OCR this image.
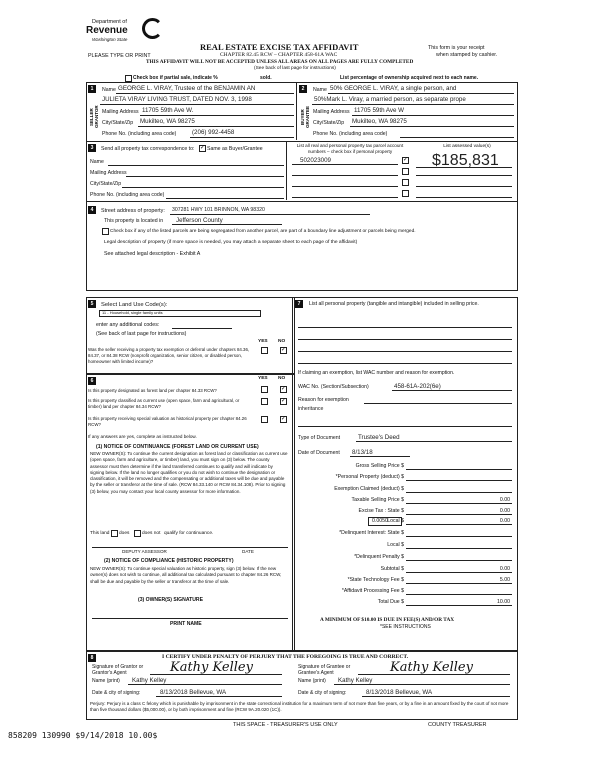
Department of
Revenue
Washington State
REAL ESTATE EXCISE TAX AFFIDAVIT
CHAPTER 82.45 RCW – CHAPTER 458-61A WAC
THIS AFFIDAVIT WILL NOT BE ACCEPTED UNLESS ALL AREAS ON ALL PAGES ARE FULLY COMPLETED
(See back of last page for instructions)
This form is your receipt
when stamped by cashier.
PLEASE TYPE OR PRINT
Check box if partial sale, indicate %	sold.	List percentage of ownership acquired next to each name.
1
SELLER GRANTOR
Name GEORGE L. VIRAY, Trustee of the BENJAMIN AN
JULIETA VIRAY LIVING TRUST, DATED NOV. 3, 1998
Mailing Address 11705 59th Ave W.
City/State/Zip Mukilteo, WA 98275
Phone No. (including area code)	(206) 992-4458
2
BUYER GRANTEE
Name 50% GEORGE L. VIRAY, a single person, and
50%Mark L. Viray, a married person, as separate prope
Mailing Address 11705 59th Ave W
City/State/Zip Mukilteo, WA 98275
Phone No. (including area code)
3	Send all property tax correspondence to: ✓ Same as Buyer/Grantee
Name
Mailing Address
City/State/Zip
Phone No. (including area code)
List all real and personal property tax parcel account numbers – check box if personal property
List assessed value(s)
502023009 ✓	$185,831
4	Street address of property: 307281 HWY 101 BRINNON, WA 98320
This property is located in Jefferson County
Check box if any of the listed parcels are being segregated from another parcel, are part of a boundary line adjustment or parcels being merged.
Legal description of property (if more space is needed, you may attach a separate sheet to each page of the affidavit)
See attached legal description - Exhibit A
5	Select Land Use Code(s):
11 - Household, single family units
enter any additional codes:
(See back of last page for instructions)
YES NO
Was the seller receiving a property tax exemption or deferral under chapters 84.36, 84.37, or 84.38 RCW (nonprofit organization, senior citizen, or disabled person, homeowner with limited income)?
✓
6	YES NO
Is this property designated as forest land per chapter 84.33 RCW?
✓
Is this property classified as current use (open space, farm and agricultural, or timber) land per chapter 84.34 RCW?
✓
Is this property receiving special valuation as historical property per chapter 84.26 RCW?
✓
If any answers are yes, complete as instructed below.
(1) NOTICE OF CONTINUANCE (FOREST LAND OR CURRENT USE)
NEW OWNER(S): To continue the current designation as forest land or classification as current use (open space, farm and agriculture, or timber) land, you must sign on (3) below. The county assessor must then determine if the land transferred continues to qualify and will indicate by signing below. If the land no longer qualifies or you do not wish to continue the designation or classification, it will be removed and the compensating or additional taxes will be due and payable by the seller or transferor at the time of sale. (RCW 84.33.140 or RCW 84.34.108). Prior to signing (3) below, you may contact your local county assessor for more information.
This land does	does not qualify for continuance.
DEPUTY ASSESSOR	DATE
(2) NOTICE OF COMPLIANCE (HISTORIC PROPERTY)
NEW OWNER(S): To continue special valuation as historic property, sign (3) below. If the new owner(s) does not wish to continue, all additional tax calculated pursuant to chapter 84.26 RCW, shall be due and payable by the seller or transferor at the time of sale.
(3) OWNER(S) SIGNATURE
PRINT NAME
7	List all personal property (tangible and intangible) included in selling price.
If claiming an exemption, list WAC number and reason for exemption.
WAC No. (Section/Subsection)	458-61A-202(6e)
Reason for exemption
inheritance
Type of Document	Trustee's Deed
Date of Document 8/13/18
Gross Selling Price $
*Personal Property (deduct) $
Exemption Claimed (deduct) $
Taxable Selling Price $	0.00
Excise Tax : State $	0.00
0.0050 Local $	0.00
*Delinquent Interest: State $
Local $
*Delinquent Penalty $
Subtotal $	0.00
*State Technology Fee $	5.00
*Affidavit Processing Fee $
Total Due $	10.00
A MINIMUM OF $10.00 IS DUE IN FEE(S) AND/OR TAX
*SEE INSTRUCTIONS
8	I CERTIFY UNDER PENALTY OF PERJURY THAT THE FOREGOING IS TRUE AND CORRECT.
Signature of Grantor or Grantor's Agent	Kathy Kelley
Name (print) Kathy Kelley
Date & city of signing:	8/13/2018 Bellevue, WA
Signature of Grantee or Grantee's Agent	Kathy Kelley
Name (print) Kathy Kelley
Date & city of signing:	8/13/2018 Bellevue, WA
Perjury: Perjury is a class C felony which is punishable by imprisonment in the state correctional institution for a maximum term of not more than five years, or by a fine in an amount fixed by the court of not more than five thousand dollars ($5,000.00), or by both imprisonment and fine (RCW 9A.20.020 (1C)).
858209 130990 $9/14/2018 10.00$
THIS SPACE - TREASURER'S USE ONLY	COUNTY TREASURER
